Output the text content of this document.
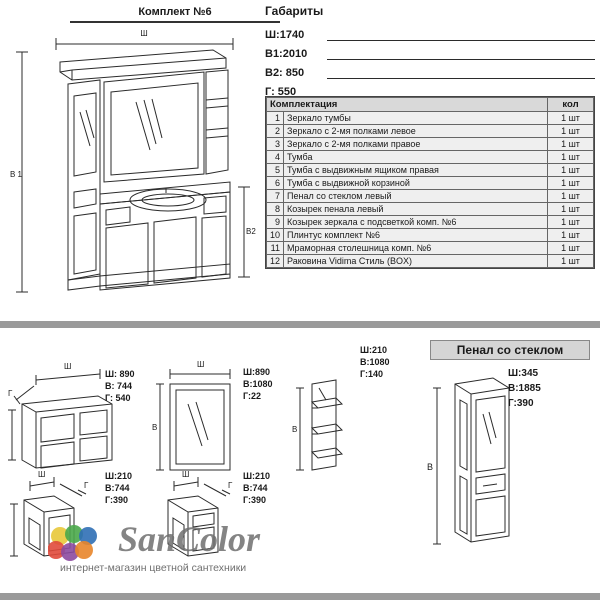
Комплект №6	Габариты
Ш:1740
В1:2010
В2: 850
Г: 550
Комплектация		кол
1	Зеркало тумбы	1 шт
2	Зеркало с 2-мя полками левое	1 шт
3	Зеркало с 2-мя полками правое	1 шт
4	Тумба	1 шт
5	Тумба с выдвижным ящиком правая	1 шт
6	Тумба с выдвижной корзиной	1 шт
7	Пенал со стеклом левый	1 шт
8	Козырек пенала левый	1 шт
9	Козырек зеркала с подсветкой комп. №6	1 шт
10	Плинтус комплект №6	1 шт
11	Мраморная столешница комп. №6	1 шт
12	Раковина Vidima Стиль (BOX)	1 шт
Ш
В 1
В2
Ш
Г
Ш: 890
В: 744
Г: 540
Ш
В
Ш:890
В:1080
Г:22
В
Ш:210
В:1080
Г:140
Ш
Г
Ш:210
В:744
Г:390
Ш
Г
Ш:210
В:744
Г:390
В
Пенал со стеклом
Ш:345
В:1885
Г:390
SanColor
интернет-магазин цветной сантехники
